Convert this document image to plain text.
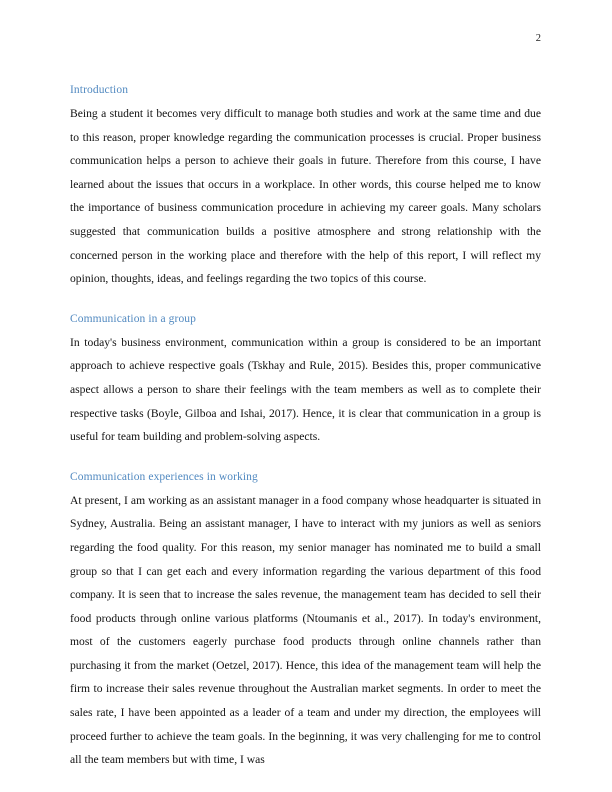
2
Introduction

Being a student it becomes very difficult to manage both studies and work at the same time and due to this reason, proper knowledge regarding the communication processes is crucial. Proper business communication helps a person to achieve their goals in future. Therefore from this course, I have learned about the issues that occurs in a workplace. In other words, this course helped me to know the importance of business communication procedure in achieving my career goals. Many scholars suggested that communication builds a positive atmosphere and strong relationship with the concerned person in the working place and therefore with the help of this report, I will reflect my opinion, thoughts, ideas, and feelings regarding the two topics of this course.

Communication in a group

In today's business environment, communication within a group is considered to be an important approach to achieve respective goals (Tskhay and Rule, 2015). Besides this, proper communicative aspect allows a person to share their feelings with the team members as well as to complete their respective tasks (Boyle, Gilboa and Ishai, 2017). Hence, it is clear that communication in a group is useful for team building and problem-solving aspects.

Communication experiences in working

At present, I am working as an assistant manager in a food company whose headquarter is situated in Sydney, Australia. Being an assistant manager, I have to interact with my juniors as well as seniors regarding the food quality. For this reason, my senior manager has nominated me to build a small group so that I can get each and every information regarding the various department of this food company. It is seen that to increase the sales revenue, the management team has decided to sell their food products through online various platforms (Ntoumanis et al., 2017). In today's environment, most of the customers eagerly purchase food products through online channels rather than purchasing it from the market (Oetzel, 2017). Hence, this idea of the management team will help the firm to increase their sales revenue throughout the Australian market segments. In order to meet the sales rate, I have been appointed as a leader of a team and under my direction, the employees will proceed further to achieve the team goals. In the beginning, it was very challenging for me to control all the team members but with time, I was
